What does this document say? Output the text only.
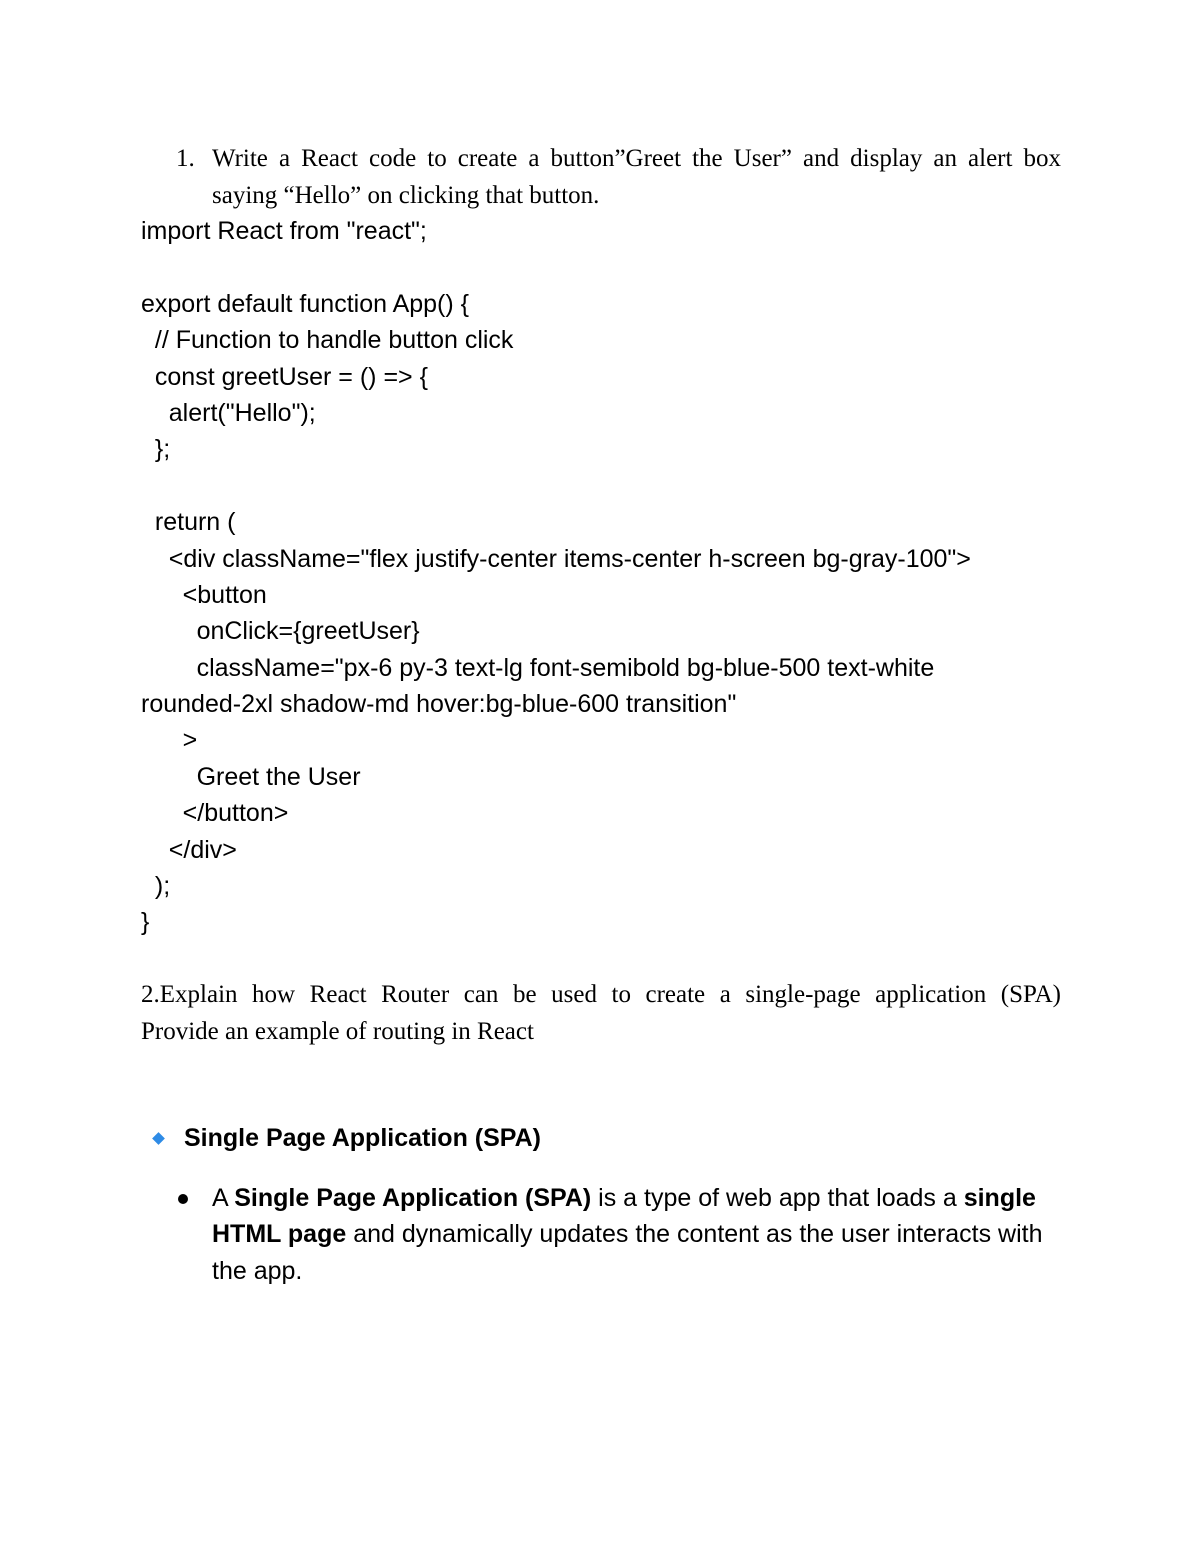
1. Write a React code to create a button”Greet the User” and display an alert box saying “Hello” on clicking that button.
import React from "react";
export default function App() {
// Function to handle button click
const greetUser = () => {
alert("Hello");
};
return (
<div className="flex justify-center items-center h-screen bg-gray-100">
<button
onClick={greetUser}
className="px-6 py-3 text-lg font-semibold bg-blue-500 text-white
rounded-2xl shadow-md hover:bg-blue-600 transition"
>
Greet the User
</button>
</div>
);
}
2.Explain how React Router can be used to create a single-page application (SPA)
Provide an example of routing in React
Single Page Application (SPA)
A Single Page Application (SPA) is a type of web app that loads a single HTML page and dynamically updates the content as the user interacts with the app.
